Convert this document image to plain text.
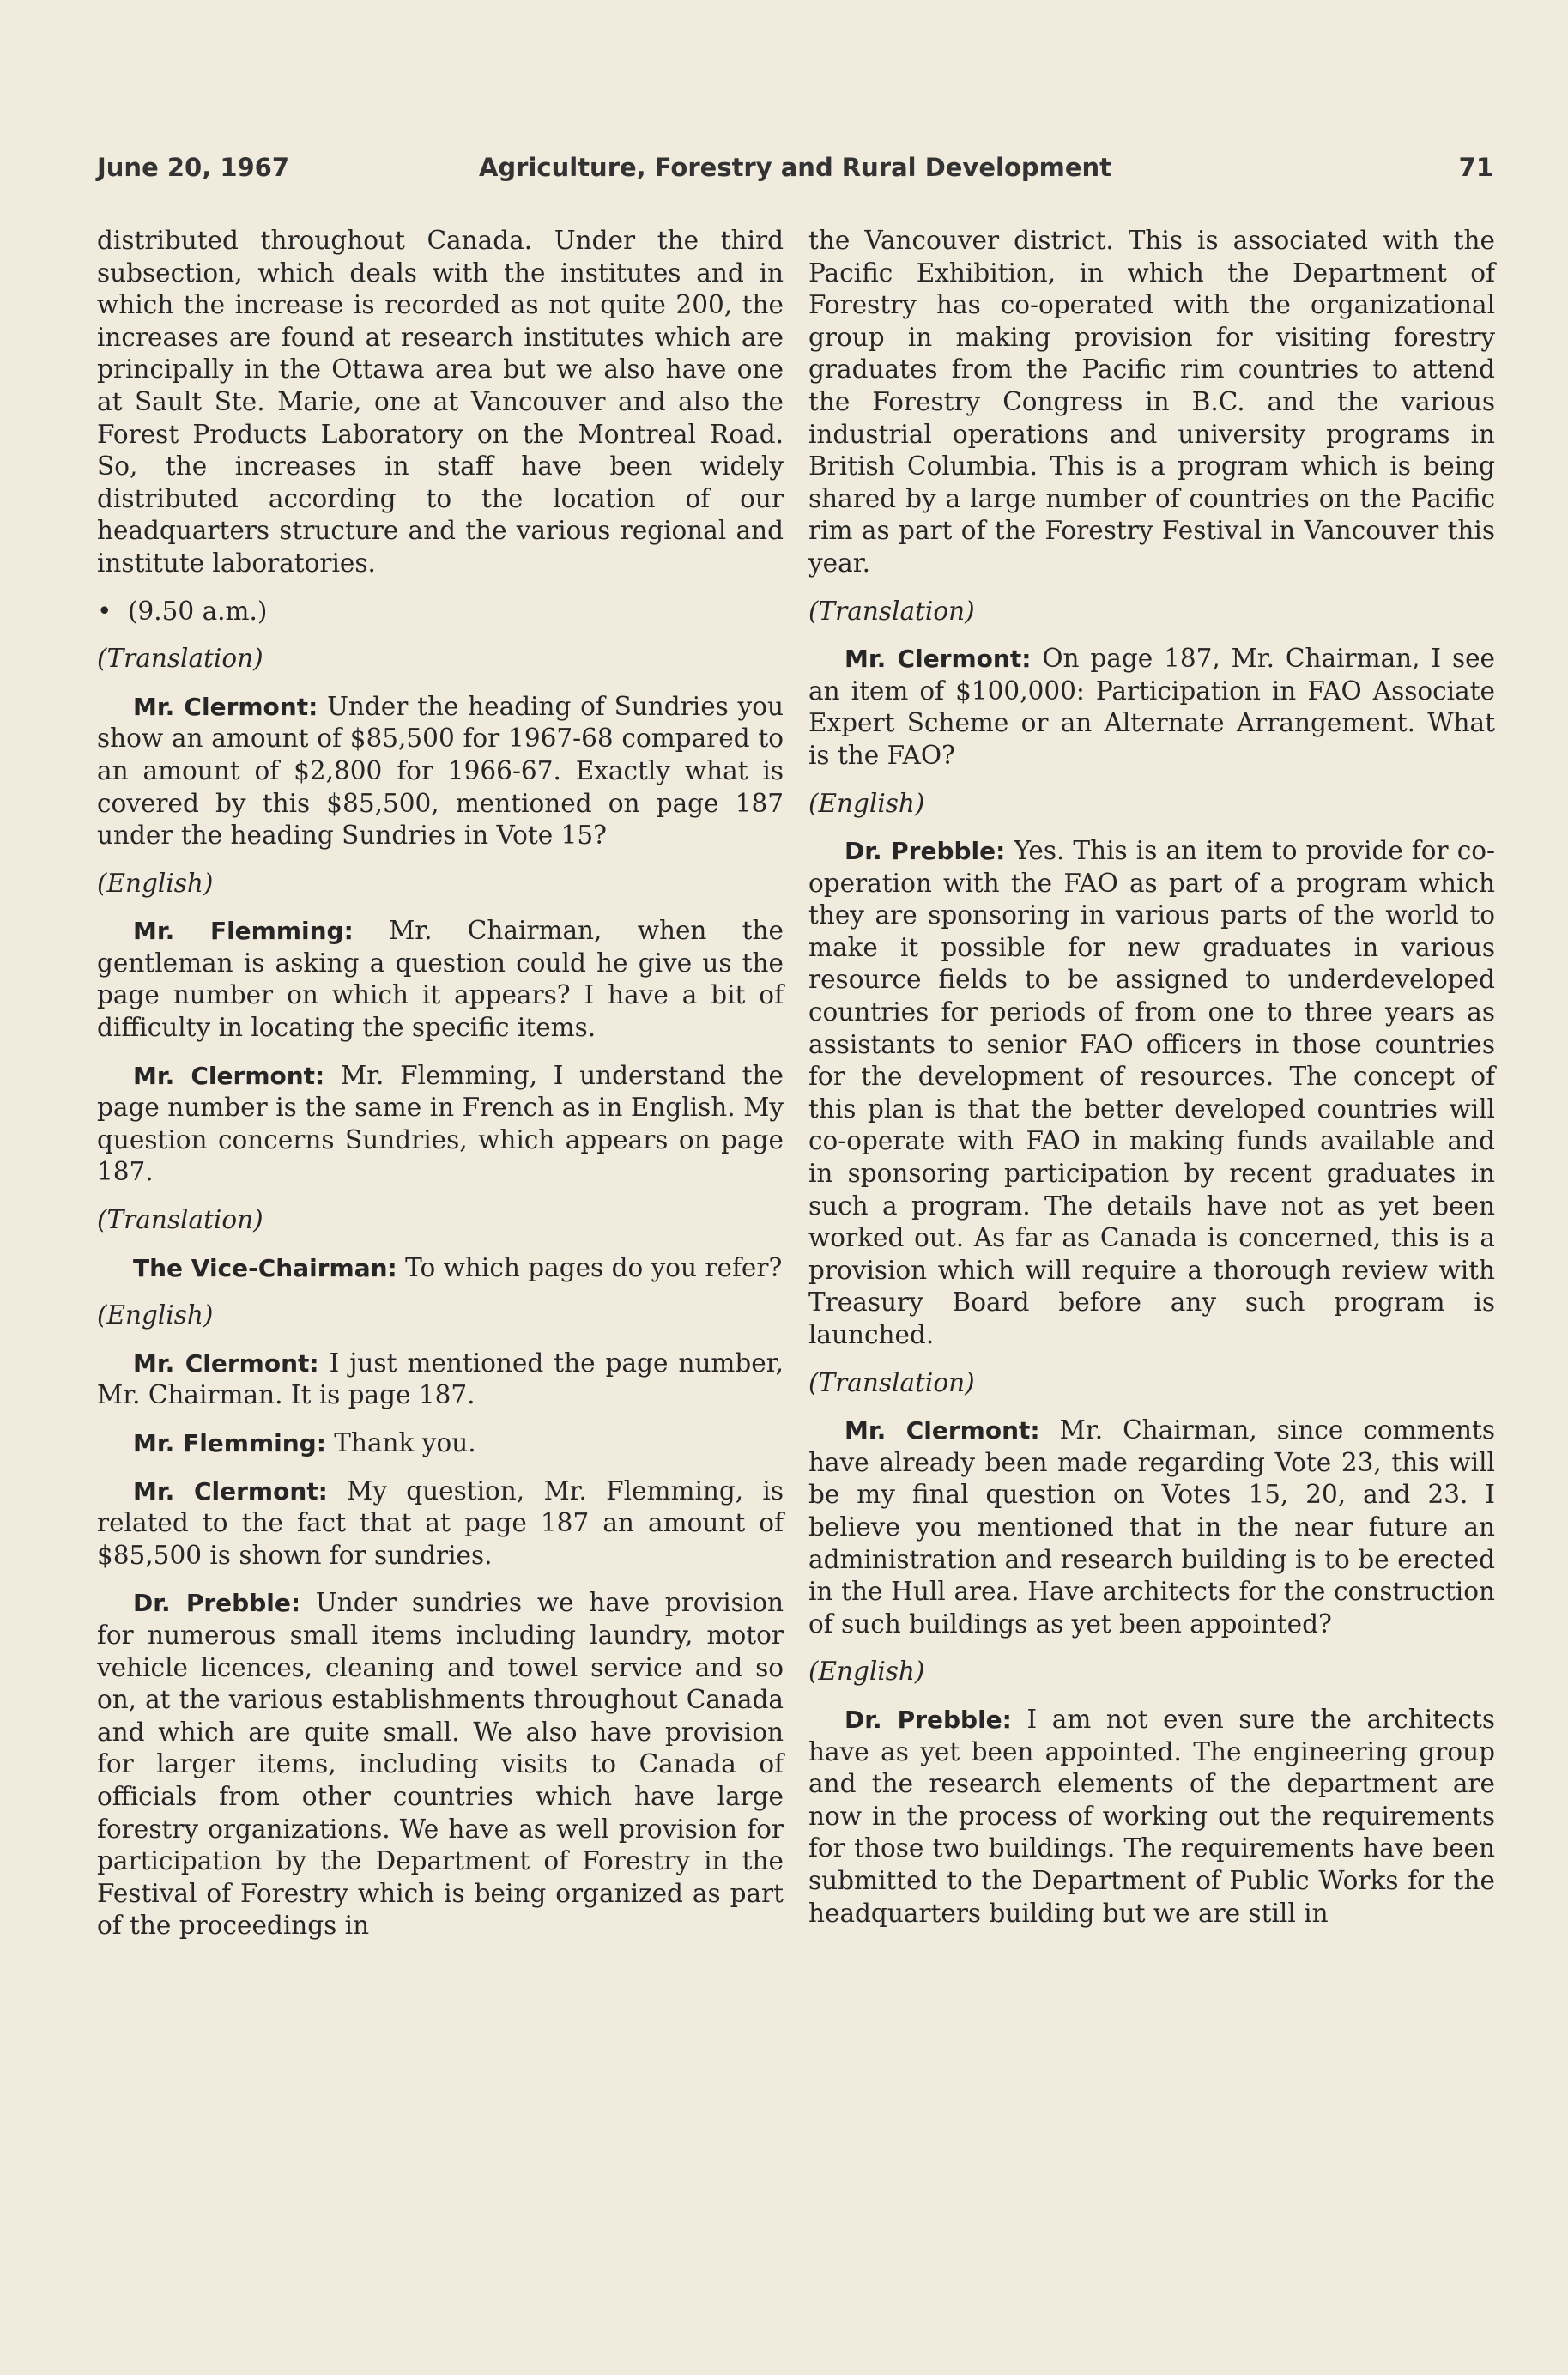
June 20, 1967	Agriculture, Forestry and Rural Development	71

distributed throughout Canada. Under the third subsection, which deals with the institutes and in which the increase is recorded as not quite 200, the increases are found at research institutes which are principally in the Ottawa area but we also have one at Sault Ste. Marie, one at Vancouver and also the Forest Products Laboratory on the Montreal Road. So, the increases in staff have been widely distributed according to the location of our headquarters structure and the various regional and institute laboratories.

• (9.50 a.m.)
(Translation)

Mr. Clermont: Under the heading of Sundries you show an amount of $85,500 for 1967-68 compared to an amount of $2,800 for 1966-67. Exactly what is covered by this $85,500, mentioned on page 187 under the heading Sundries in Vote 15?

(English)

Mr. Flemming: Mr. Chairman, when the gentleman is asking a question could he give us the page number on which it appears? I have a bit of difficulty in locating the specific items.

Mr. Clermont: Mr. Flemming, I understand the page number is the same in French as in English. My question concerns Sundries, which appears on page 187.

(Translation)

The Vice-Chairman: To which pages do you refer?

(English)

Mr. Clermont: I just mentioned the page number, Mr. Chairman. It is page 187.

Mr. Flemming: Thank you.

Mr. Clermont: My question, Mr. Flemming, is related to the fact that at page 187 an amount of $85,500 is shown for sundries.

Dr. Prebble: Under sundries we have provision for numerous small items including laundry, motor vehicle licences, cleaning and towel service and so on, at the various establishments throughout Canada and which are quite small. We also have provision for larger items, including visits to Canada of officials from other countries which have large forestry organizations. We have as well provision for participation by the Department of Forestry in the Festival of Forestry which is being organized as part of the proceedings in

the Vancouver district. This is associated with the Pacific Exhibition, in which the Department of Forestry has co-operated with the organizational group in making provision for visiting forestry graduates from the Pacific rim countries to attend the Forestry Congress in B.C. and the various industrial operations and university programs in British Columbia. This is a program which is being shared by a large number of countries on the Pacific rim as part of the Forestry Festival in Vancouver this year.

(Translation)

Mr. Clermont: On page 187, Mr. Chairman, I see an item of $100,000: Participation in FAO Associate Expert Scheme or an Alternate Arrangement. What is the FAO?

(English)

Dr. Prebble: Yes. This is an item to provide for co-operation with the FAO as part of a program which they are sponsoring in various parts of the world to make it possible for new graduates in various resource fields to be assigned to underdeveloped countries for periods of from one to three years as assistants to senior FAO officers in those countries for the development of resources. The concept of this plan is that the better developed countries will co-operate with FAO in making funds available and in sponsoring participation by recent graduates in such a program. The details have not as yet been worked out. As far as Canada is concerned, this is a provision which will require a thorough review with Treasury Board before any such program is launched.

(Translation)

Mr. Clermont: Mr. Chairman, since comments have already been made regarding Vote 23, this will be my final question on Votes 15, 20, and 23. I believe you mentioned that in the near future an administration and research building is to be erected in the Hull area. Have architects for the construction of such buildings as yet been appointed?

(English)

Dr. Prebble: I am not even sure the architects have as yet been appointed. The engineering group and the research elements of the department are now in the process of working out the requirements for those two buildings. The requirements have been submitted to the Department of Public Works for the headquarters building but we are still in
